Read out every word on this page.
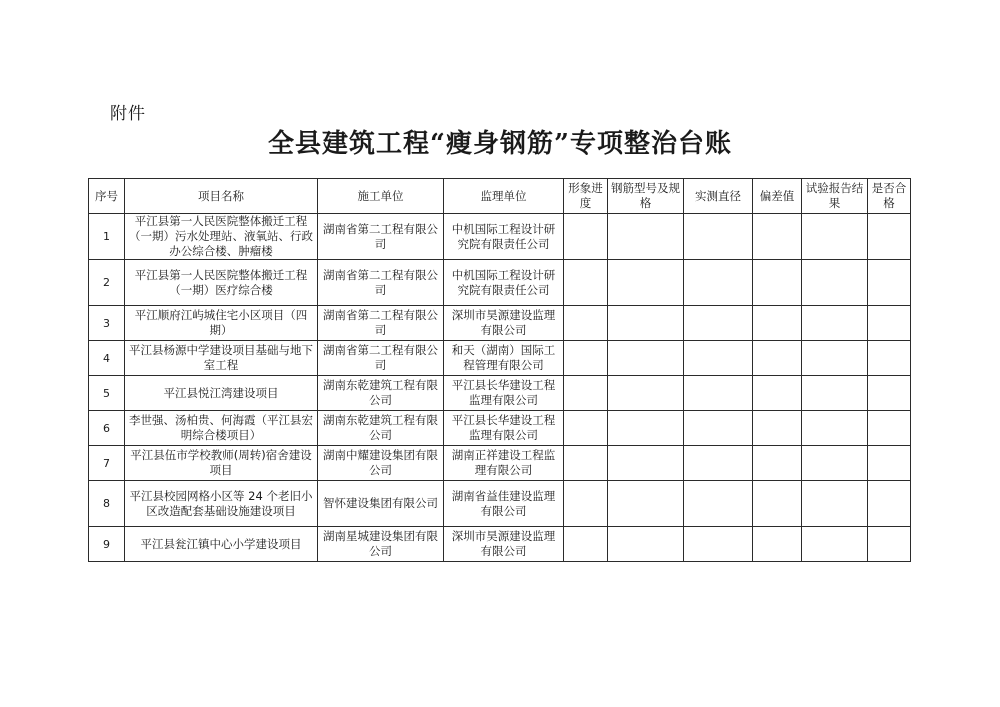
附件
全县建筑工程“瘦身钢筋”专项整治台账
序号	项目名称	施工单位	监理单位	形象进度	钢筋型号及规格	实测直径	偏差值	试验报告结果	是否合格
1	平江县第一人民医院整体搬迁工程（一期）污水处理站、液氧站、行政办公综合楼、肿瘤楼	湖南省第二工程有限公司	中机国际工程设计研究院有限责任公司						
2	平江县第一人民医院整体搬迁工程（一期）医疗综合楼	湖南省第二工程有限公司	中机国际工程设计研究院有限责任公司						
3	平江顺府江屿城住宅小区项目（四期）	湖南省第二工程有限公司	深圳市昊源建设监理有限公司						
4	平江县杨源中学建设项目基础与地下室工程	湖南省第二工程有限公司	和天（湖南）国际工程管理有限公司						
5	平江县悦江湾建设项目	湖南东乾建筑工程有限公司	平江县长华建设工程监理有限公司						
6	李世强、汤柏贵、何海霞（平江县宏明综合楼项目）	湖南东乾建筑工程有限公司	平江县长华建设工程监理有限公司						
7	平江县伍市学校教师(周转)宿舍建设项目	湖南中耀建设集团有限公司	湖南正祥建设工程监理有限公司						
8	平江县校园网格小区等 24 个老旧小区改造配套基础设施建设项目	智怀建设集团有限公司	湖南省益佳建设监理有限公司						
9	平江县瓮江镇中心小学建设项目	湖南星城建设集团有限公司	深圳市昊源建设监理有限公司						
